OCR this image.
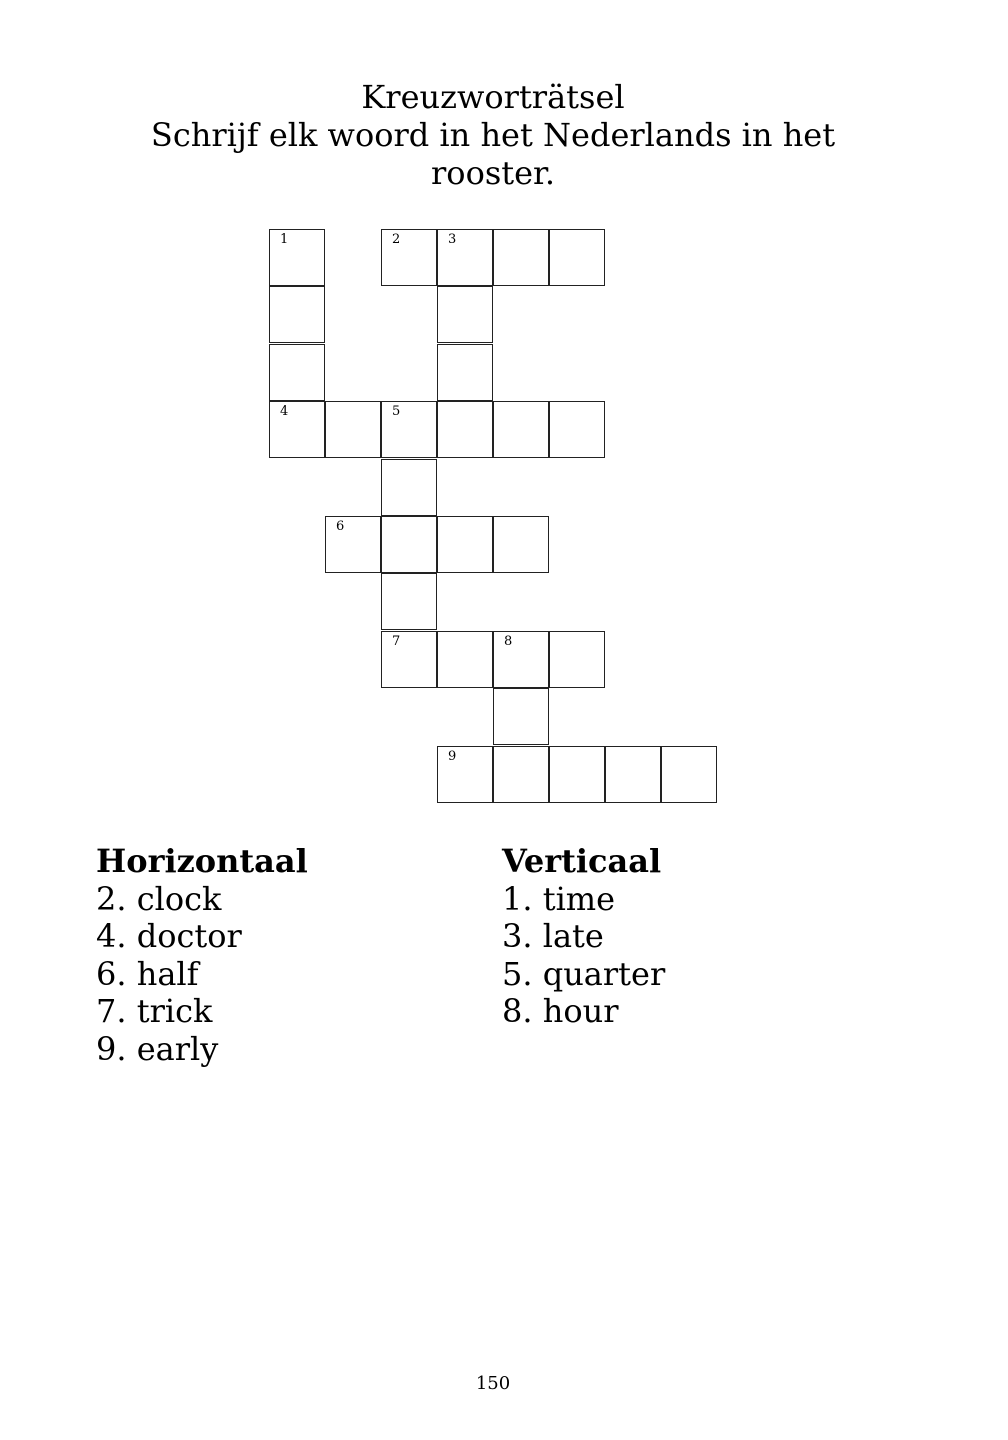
Kreuzworträtsel
Schrijf elk woord in het Nederlands in het rooster.
1	2	3
4	5
6
7	8
9
Horizontaal
2. clock
4. doctor
6. half
7. trick
9. early
Verticaal
1. time
3. late
5. quarter
8. hour
150
